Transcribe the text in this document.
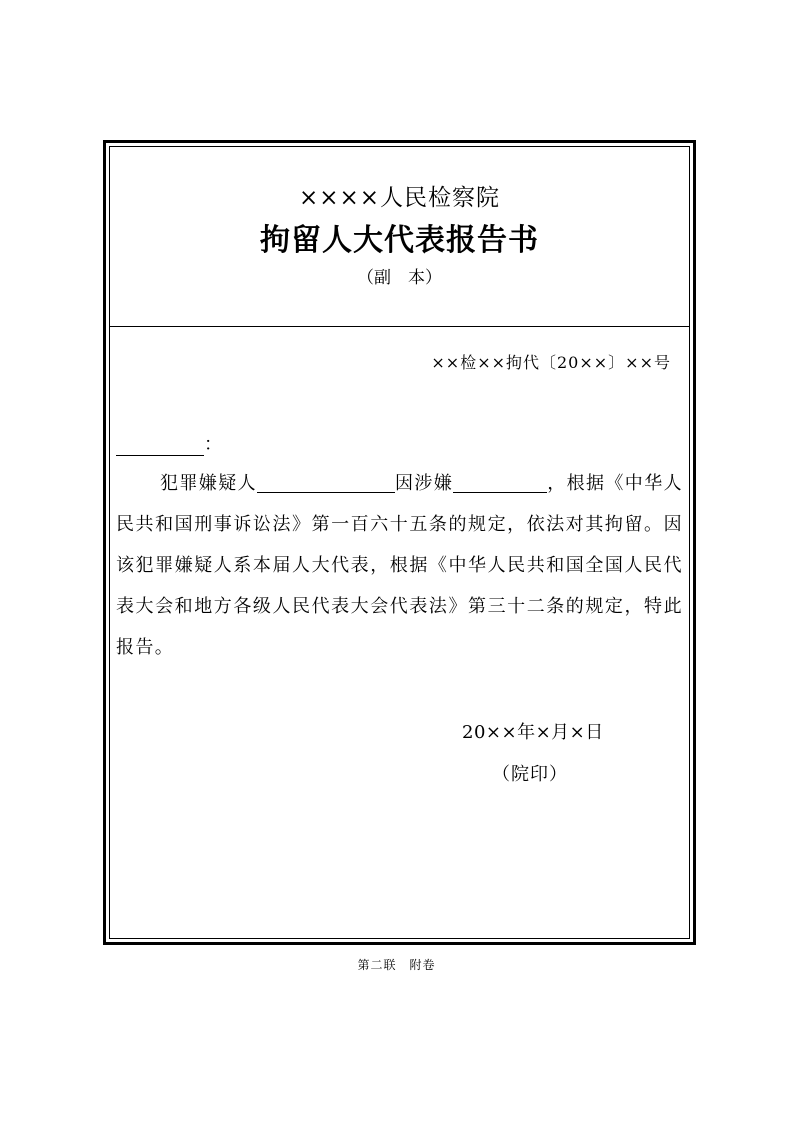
××××人民检察院
拘留人大代表报告书
（副　本）
××检××拘代〔20××〕××号
：
犯罪嫌疑人	因涉嫌	，根据《中华人民共和国刑事诉讼法》第一百六十五条的规定，依法对其拘留。因该犯罪嫌疑人系本届人大代表，根据《中华人民共和国全国人民代表大会和地方各级人民代表大会代表法》第三十二条的规定，特此报告。
20××年×月×日
（院印）
第二联　附卷
